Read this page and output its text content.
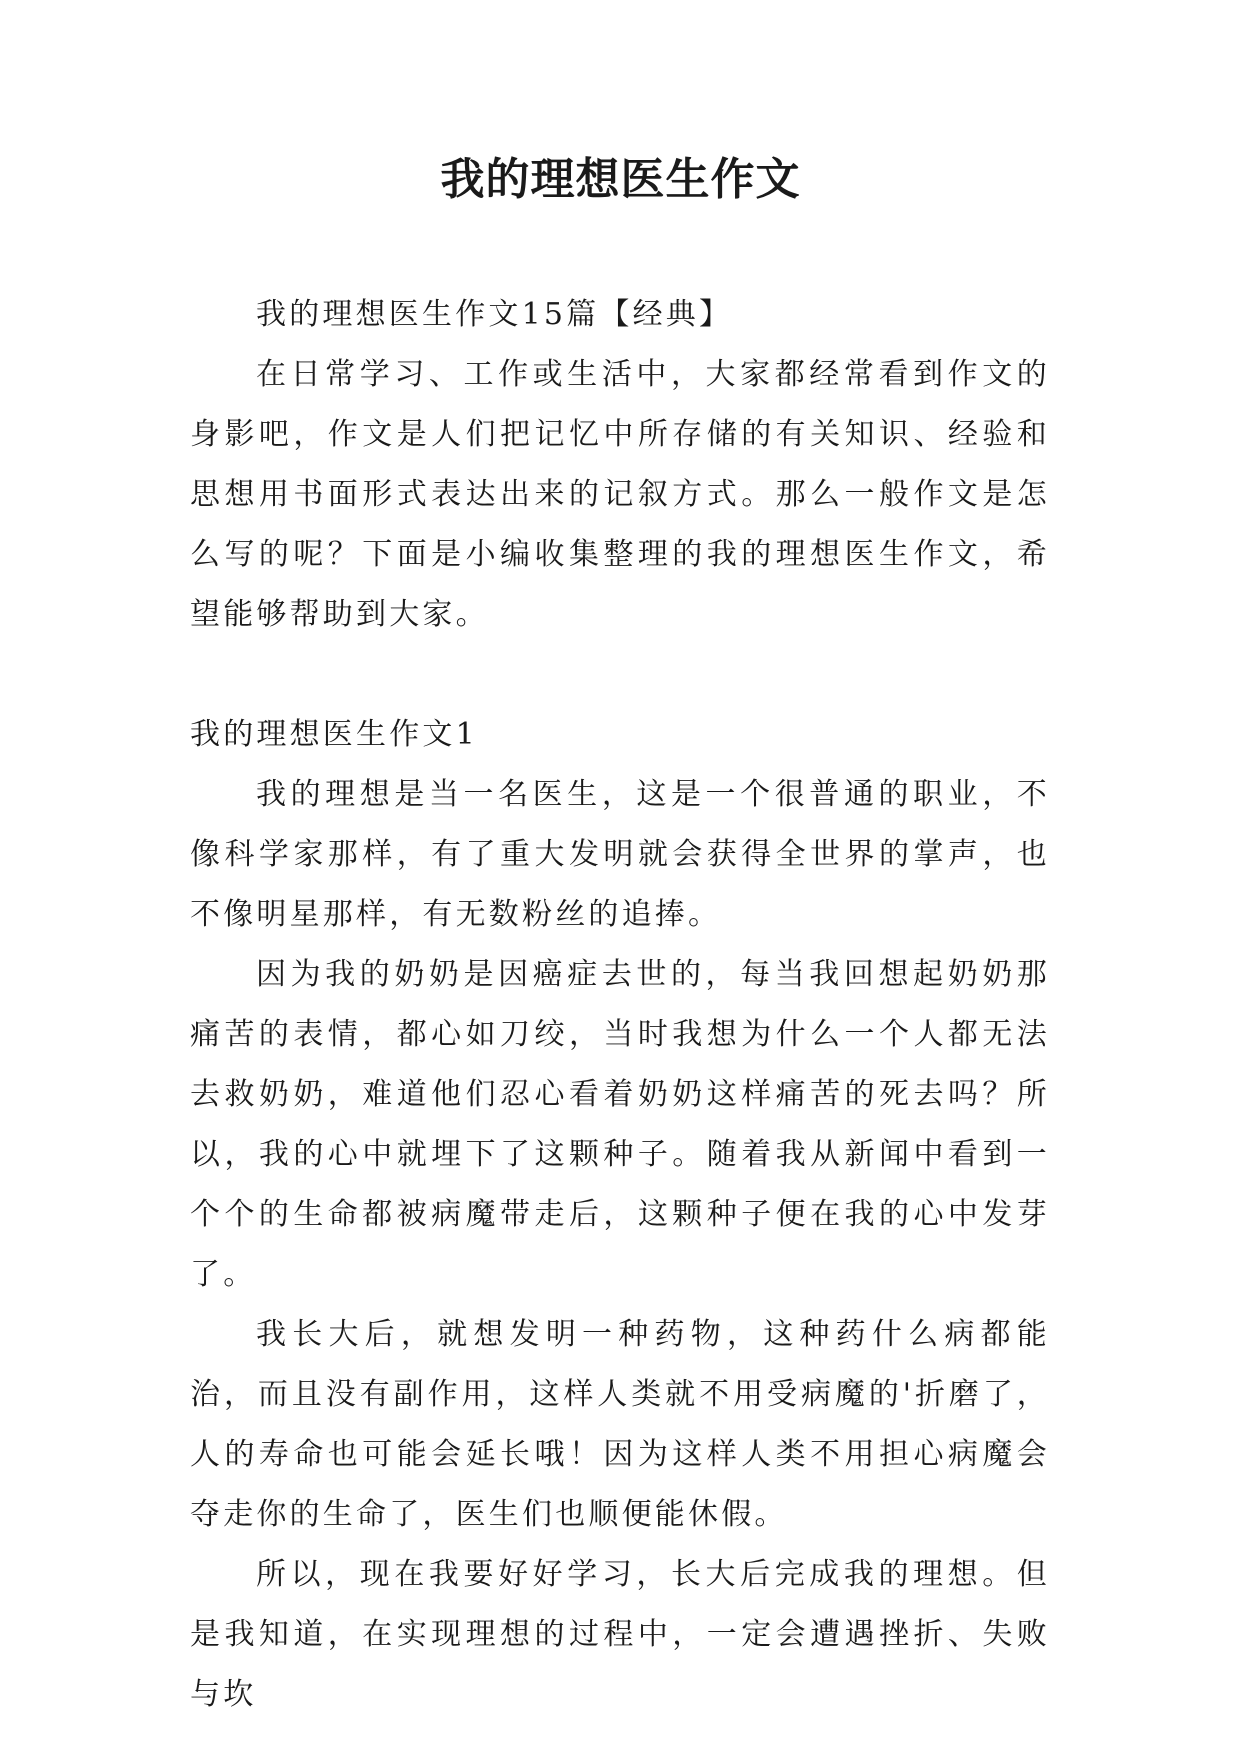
我的理想医生作文

我的理想医生作文15篇【经典】

在日常学习、工作或生活中，大家都经常看到作文的身影吧，作文是人们把记忆中所存储的有关知识、经验和思想用书面形式表达出来的记叙方式。那么一般作文是怎么写的呢？下面是小编收集整理的我的理想医生作文，希望能够帮助到大家。

我的理想医生作文1

我的理想是当一名医生，这是一个很普通的职业，不像科学家那样，有了重大发明就会获得全世界的掌声，也不像明星那样，有无数粉丝的追捧。

因为我的奶奶是因癌症去世的，每当我回想起奶奶那痛苦的表情，都心如刀绞，当时我想为什么一个人都无法去救奶奶，难道他们忍心看着奶奶这样痛苦的死去吗？所以，我的心中就埋下了这颗种子。随着我从新闻中看到一个个的生命都被病魔带走后，这颗种子便在我的心中发芽了。

我长大后，就想发明一种药物，这种药什么病都能治，而且没有副作用，这样人类就不用受病魔的'折磨了，人的寿命也可能会延长哦！因为这样人类不用担心病魔会夺走你的生命了，医生们也顺便能休假。

所以，现在我要好好学习，长大后完成我的理想。但是我知道，在实现理想的过程中，一定会遭遇挫折、失败与坎
